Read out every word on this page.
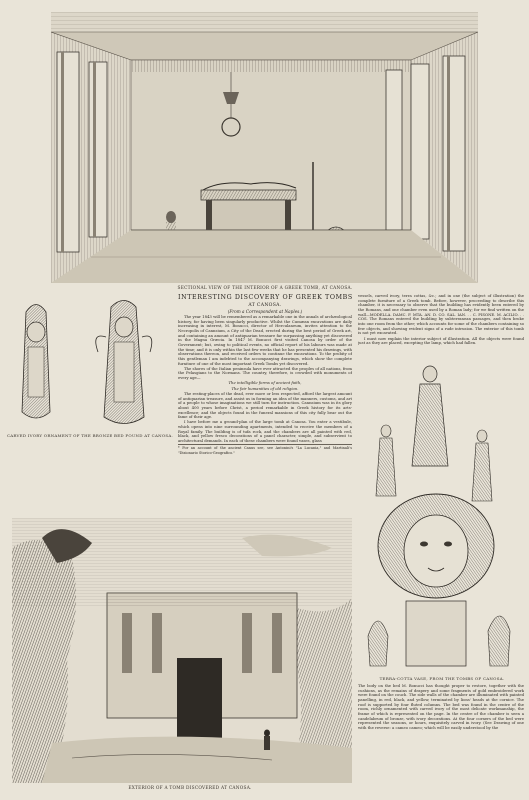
SECTIONAL VIEW OF THE INTERIOR OF A GREEK TOMB, AT CANOSA.
CARVED IVORY ORNAMENT OF THE BRONZE BED FOUND AT CANOSA.
INTERESTING DISCOVERY OF GREEK TOMBS
AT CANOSA.
(From a Correspondent at Naples.)

The year 1843 will be remembered as a remarkable one in the annals of archæological history, for having been singularly productive. Whilst the Cumæan excavations are daily increasing in interest, M. Bonucci, director of Herculaneum, invites attention to the Necropolis of Cannsium, a City of the Dead, erected during the best period of Greek art, and containing an amount of antiquarian treasure far surpassing anything yet discovered in the Magna Græcia. In 1847 M. Bonucci first visited Canosa by order of the Government; but, owing to political events, no official report of his labours was made at the time; and it is only within the last few weeks that he has presented his drawings, with observations thereon, and received orders to continue the excavations. To the probity of this gentleman I am indebted to the accompanying drawings, which show the complete furniture of one of the most important Greek Tombs yet discovered.

The shores of the Italian peninsula have ever attracted the peoples of all nations, from the Pelasgians to the Normans. The country, therefore, is crowded with monuments of every age—

The intelligible forms of ancient faith,

The fair humanities of old religion.

The resting-places of the dead, ever more or less respected, afford the largest amount of antiquarian treasure, and assist us in forming an idea of the manners, customs, and art of a people to whose imaginations we still turn for instruction. Cannsium was in its glory about 400 years before Christ, a period remarkable in Greek history for its arts-excellence; and the objects found in the funeral mansions of this city fully bear out the fame of their age.

I have before me a ground-plan of the large tomb at Canosa. You enter a vestibule, which opens into nine surrounding apartments, intended to receive the members of a Royal family. The building is of tufa rock, and the chambers are all painted with red, black, and yellow fresco decorations of a panel character, simple, and subservient to architectural demands. In each of these chambers were found vases, glass

* For an account of the ancient Canus see, see Antonini's "La Lucania," and Martinali's "Dizionario Storico-Geografico."

vessels, carved ivory, terra cottas, &c.; and in one (the subject of illustration) the complete furniture of a Greek tomb. Before, however, proceeding to describe this chamber, it is necessary to observe that the building has evidently been entered by the Romans, and one chamber even used by a Roman lady; for we find written on the wall—MODELLA. DAMC. F. MTA. AN. D. CO. SAL. IAN. . . C. PISONE. M. ACILIO. . . COS. The Romans entered the building by subterranean passages, and then broke into one room from the other; which accounts for some of the chambers containing so few objects, and showing evident signs of a rude intrusion. The exterior of this tomb is not yet excavated.

I must now explain the interior subject of illustration. All the objects were found just as they are placed, excepting the lamp, which had fallen.

TERRA-COTTA VASE, FROM THE TOMBS OF CANOSA.

The body on the bed M. Bonucci has thought proper to restore, together with the cushions, as the remains of drapery and some fragments of gold embroidered work were found on the couch. The side walls of the chamber are illuminated with painted panelling, in red, black, and yellow, terminated by lions' heads at the cornice. The roof is supported by four fluted columns. The bed was found in the centre of the room, richly ornamented with carved ivory of the most delicate workmanship, the frame of which is represented on the page. In the centre of the chamber is seen a candelabrum of bronze, with ivory decorations. At the four corners of the bed were represented the seasons, or hours, exquisitely carved in ivory. (See Drawing of one with the reverse: a cameo cameo; which will be easily understood by the

EXTERIOR OF A TOMB DISCOVERED AT CANOSA.
